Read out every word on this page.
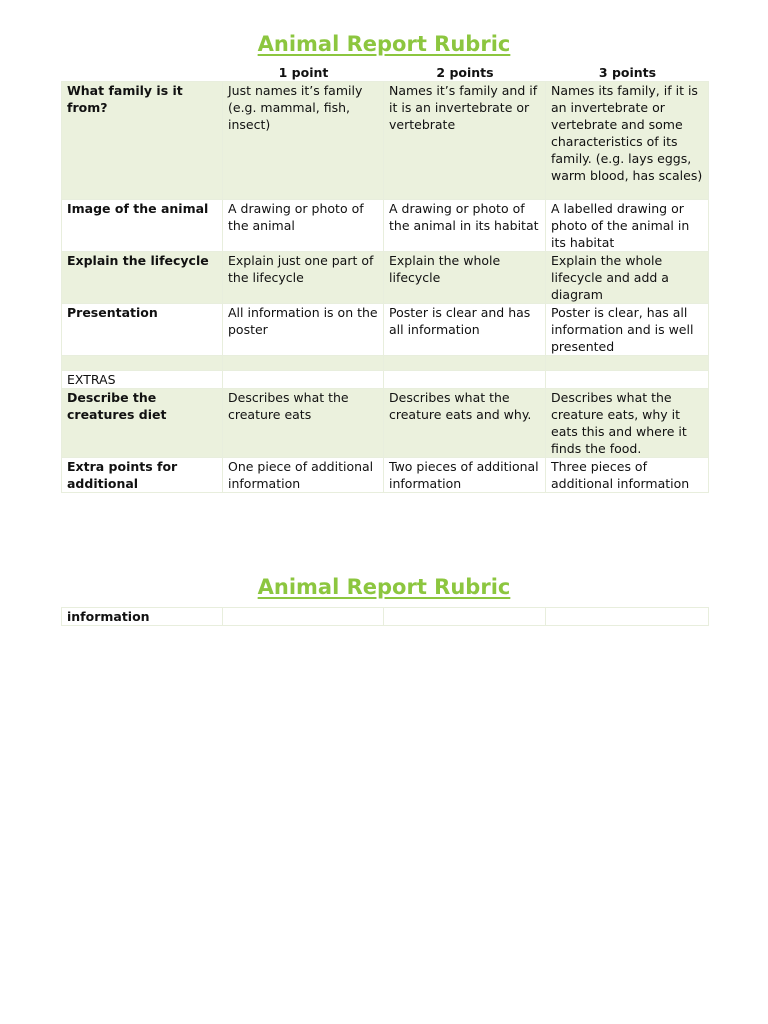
Animal Report Rubric
	1 point	2 points	3 points
What family is it from?	Just names it’s family (e.g. mammal, fish, insect)	Names it’s family and if it is an invertebrate or vertebrate	Names its family, if it is an invertebrate or vertebrate and some characteristics of its family. (e.g. lays eggs, warm blood, has scales)
Image of the animal	A drawing or photo of the animal	A drawing or photo of the animal in its habitat	A labelled drawing or photo of the animal in its habitat
Explain the lifecycle	Explain just one part of the lifecycle	Explain the whole lifecycle	Explain the whole lifecycle and add a diagram
Presentation	All information is on the poster	Poster is clear and has all information	Poster is clear, has all information and is well presented

EXTRAS			
Describe the creatures diet	Describes what the creature eats	Describes what the creature eats and why.	Describes what the creature eats, why it eats this and where it finds the food.
Extra points for additional	One piece of additional information	Two pieces of additional information	Three pieces of additional information
Animal Report Rubric
information			
